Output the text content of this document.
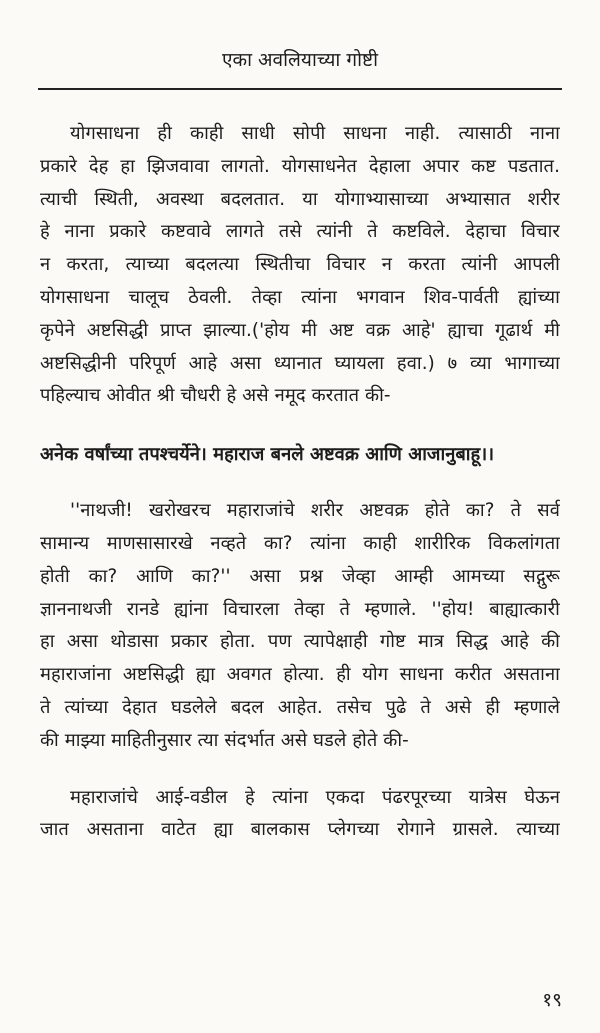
एका अवलियाच्या गोष्टी
योगसाधना ही काही साधी सोपी साधना नाही. त्यासाठी नाना
प्रकारे देह हा झिजवावा लागतो. योगसाधनेत देहाला अपार कष्ट पडतात.
त्याची स्थिती, अवस्था बदलतात. या योगाभ्यासाच्या अभ्यासात शरीर
हे नाना प्रकारे कष्टवावे लागते तसे त्यांनी ते कष्टविले. देहाचा विचार
न करता, त्याच्या बदलत्या स्थितीचा विचार न करता त्यांनी आपली
योगसाधना चालूच ठेवली. तेव्हा त्यांना भगवान शिव-पार्वती ह्यांच्या
कृपेने अष्टसिद्धी प्राप्त झाल्या.('होय मी अष्ट वक्र आहे' ह्याचा गूढार्थ मी
अष्टसिद्धीनी परिपूर्ण आहे असा ध्यानात घ्यायला हवा.) ७ व्या भागाच्या
पहिल्याच ओवीत श्री चौधरी हे असे नमूद करतात की-
अनेक वर्षांच्या तपश्चर्येने। महाराज बनले अष्टवक्र आणि आजानुबाहू।।
''नाथजी! खरोखरच महाराजांचे शरीर अष्टवक्र होते का? ते सर्व
सामान्य माणसासारखे नव्हते का? त्यांना काही शारीरिक विकलांगता
होती का? आणि का?'' असा प्रश्न जेव्हा आम्ही आमच्या सद्गुरू
ज्ञाननाथजी रानडे ह्यांना विचारला तेव्हा ते म्हणाले. ''होय! बाह्यात्कारी
हा असा थोडासा प्रकार होता. पण त्यापेक्षाही गोष्ट मात्र सिद्ध आहे की
महाराजांना अष्टसिद्धी ह्या अवगत होत्या. ही योग साधना करीत असताना
ते त्यांच्या देहात घडलेले बदल आहेत. तसेच पुढे ते असे ही म्हणाले
की माझ्या माहितीनुसार त्या संदर्भात असे घडले होते की-
महाराजांचे आई-वडील हे त्यांना एकदा पंढरपूरच्या यात्रेस घेऊन
जात असताना वाटेत ह्या बालकास प्लेगच्या रोगाने ग्रासले. त्याच्या
१९
